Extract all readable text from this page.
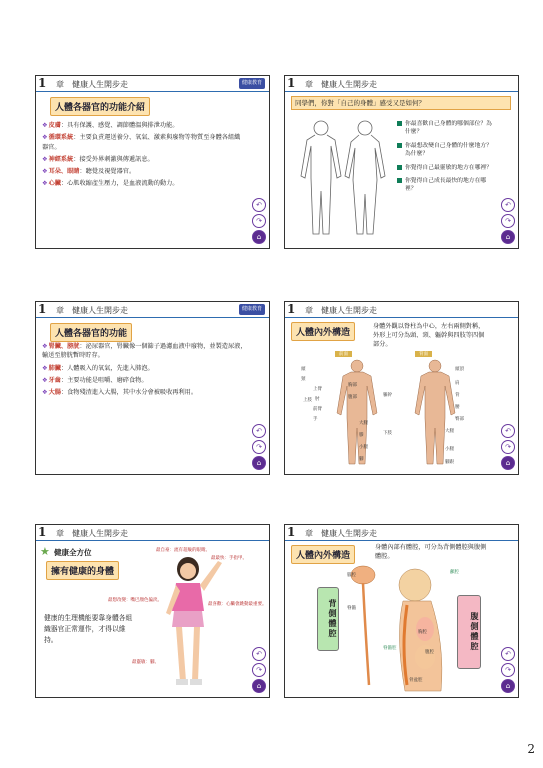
1 章　健康人生開步走	健康教育
人體各器官的功能介紹
❖皮膚：具有保護、感覺、調節體溫與排泄功能。
❖循環系統：主要負責運送養分、氧氣、激素與廢物等物質至身體各組織器官。
❖神經系統：接受外界刺激與傳遞訊息。
❖耳朵、眼睛：聽覺及視覺器官。
❖心臟：心肌收縮產生壓力，是血液流動的動力。
↶
↷
⌂
1 章　健康人生開步走
同學們，你對「自己的身體」感受又是如何？
你最喜歡自己身體的哪個部位？為什麼？
你最想改變自己身體的什麼地方？為什麼？
你覺得自己最靈敏的地方在哪裡？
你覺得自己成長最快的地方在哪裡？
↶
↷
⌂
1 章　健康人生開步走	健康教育
人體各器官的功能
❖腎臟、膀胱：泌尿器官，腎臟像一個篩子過濾血液中廢物，並製造尿液，輸送至膀胱暫時貯存。
❖肺臟：人體吸入的氧氣，先進入肺泡。
❖牙齒：主要功能是咀嚼、磨碎食物。
❖大腸：食物殘渣進入大腸，其中水分會被吸收再利用。
↶
↷
⌂
1 章　健康人生開步走
人體內外構造
身體外觀以脊柱為中心，左右兩側對稱，外形上可分為頭、頸、軀幹與四肢等四個部分。
前面	背面
頭
頸
胸部
上臂
上肢
腹部
肘
前臂
軀幹
手
下肢
大腿
膝
小腿
腳
頭頂
肩
背
腰
臀部
大腿
小腿
腳跟
↶
↷
⌂
1 章　健康人生開步走
★ 健康全方位
擁有健康的身體
健康的生理機能要靠身體各組織器官正常運作，才得以維持。
最自豪：流有超級的眼睛。
最最快：手指甲。
最想改變：嘴巴顏色偏淡。
最喜歡：心臟會跳動最重要。
最靈敏：腳。
↶
↷
⌂
1 章　健康人生開步走
人體內外構造
身體內部有體腔，可分為背側體腔與腹側體腔。
背側體腔	腹側體腔
腦腔
脊髓
脊髓腔
顱腔
胸腔
腹腔
骨盆腔
↶
↷
⌂
2
